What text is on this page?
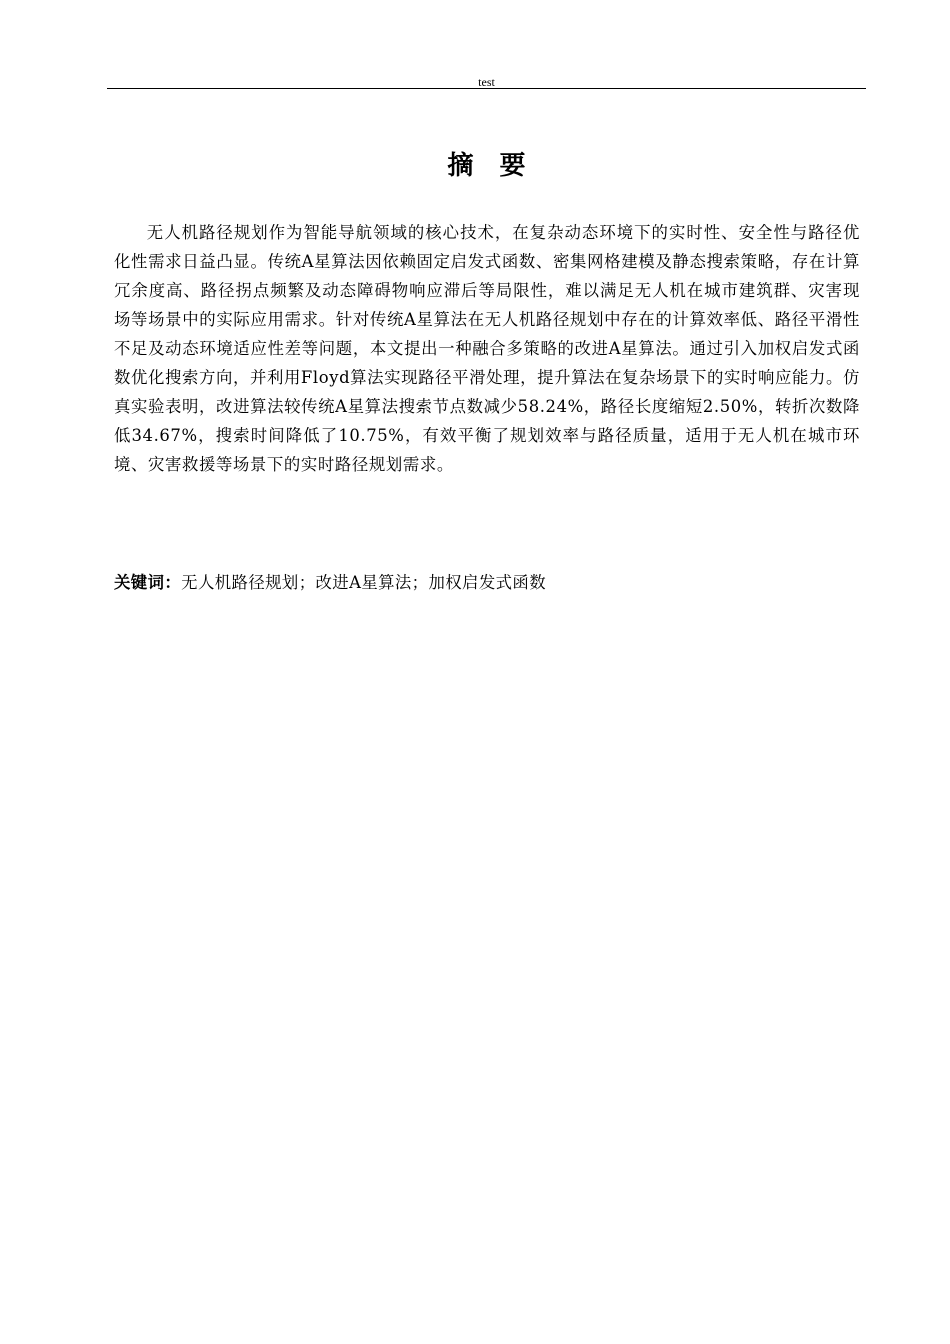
test
摘要

无人机路径规划作为智能导航领域的核心技术，在复杂动态环境下的实时性、安全性与路径优化性需求日益凸显。传统A星算法因依赖固定启发式函数、密集网格建模及静态搜索策略，存在计算冗余度高、路径拐点频繁及动态障碍物响应滞后等局限性，难以满足无人机在城市建筑群、灾害现场等场景中的实际应用需求。针对传统A星算法在无人机路径规划中存在的计算效率低、路径平滑性不足及动态环境适应性差等问题，本文提出一种融合多策略的改进A星算法。通过引入加权启发式函数优化搜索方向，并利用Floyd算法实现路径平滑处理，提升算法在复杂场景下的实时响应能力。仿真实验表明，改进算法较传统A星算法搜索节点数减少58.24%，路径长度缩短2.50%，转折次数降低34.67%，搜索时间降低了10.75%，有效平衡了规划效率与路径质量，适用于无人机在城市环境、灾害救援等场景下的实时路径规划需求。

关键词：无人机路径规划；改进A星算法；加权启发式函数
